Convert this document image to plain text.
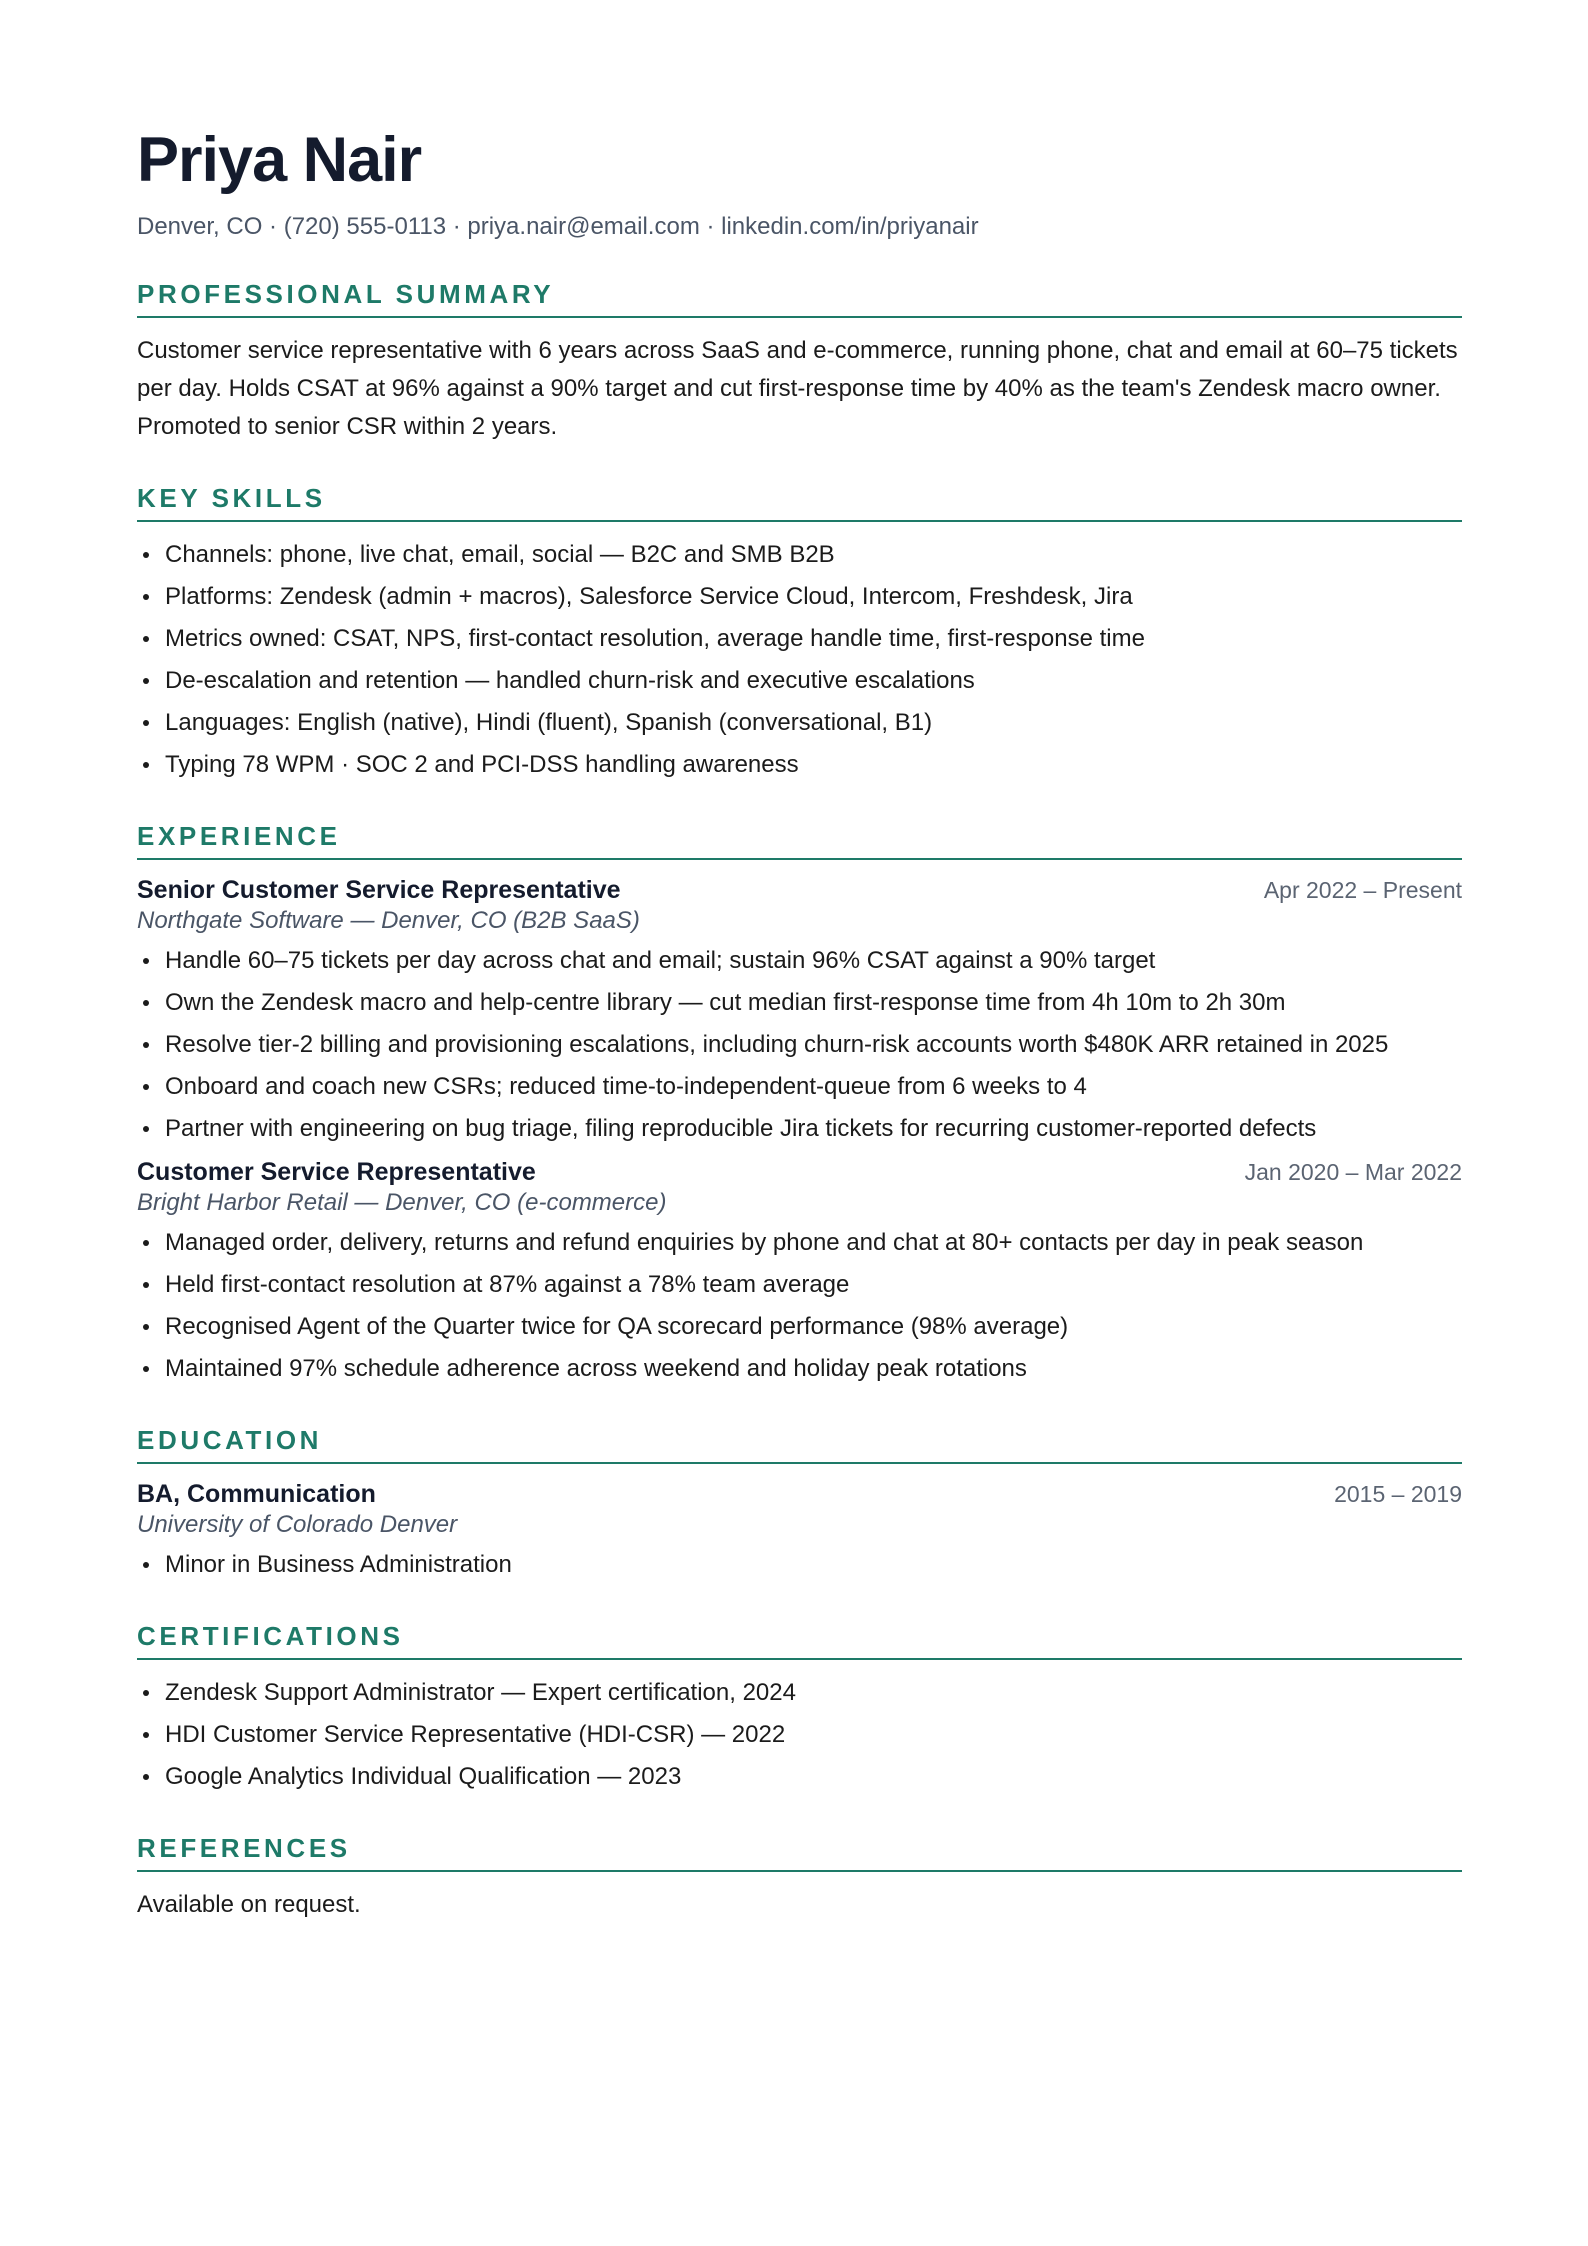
Priya Nair
Denver, CO · (720) 555-0113 · priya.nair@email.com · linkedin.com/in/priyanair
PROFESSIONAL SUMMARY

Customer service representative with 6 years across SaaS and e-commerce, running phone, chat and email at 60–75 tickets per day. Holds CSAT at 96% against a 90% target and cut first-response time by 40% as the team's Zendesk macro owner. Promoted to senior CSR within 2 years.

KEY SKILLS
Channels: phone, live chat, email, social — B2C and SMB B2B
Platforms: Zendesk (admin + macros), Salesforce Service Cloud, Intercom, Freshdesk, Jira
Metrics owned: CSAT, NPS, first-contact resolution, average handle time, first-response time
De-escalation and retention — handled churn-risk and executive escalations
Languages: English (native), Hindi (fluent), Spanish (conversational, B1)
Typing 78 WPM · SOC 2 and PCI-DSS handling awareness
EXPERIENCE
Senior Customer Service Representative	Apr 2022 – Present
Northgate Software — Denver, CO (B2B SaaS)
Handle 60–75 tickets per day across chat and email; sustain 96% CSAT against a 90% target
Own the Zendesk macro and help-centre library — cut median first-response time from 4h 10m to 2h 30m
Resolve tier-2 billing and provisioning escalations, including churn-risk accounts worth $480K ARR retained in 2025
Onboard and coach new CSRs; reduced time-to-independent-queue from 6 weeks to 4
Partner with engineering on bug triage, filing reproducible Jira tickets for recurring customer-reported defects
Customer Service Representative	Jan 2020 – Mar 2022
Bright Harbor Retail — Denver, CO (e-commerce)
Managed order, delivery, returns and refund enquiries by phone and chat at 80+ contacts per day in peak season
Held first-contact resolution at 87% against a 78% team average
Recognised Agent of the Quarter twice for QA scorecard performance (98% average)
Maintained 97% schedule adherence across weekend and holiday peak rotations
EDUCATION
BA, Communication	2015 – 2019
University of Colorado Denver
Minor in Business Administration
CERTIFICATIONS
Zendesk Support Administrator — Expert certification, 2024
HDI Customer Service Representative (HDI-CSR) — 2022
Google Analytics Individual Qualification — 2023
REFERENCES

Available on request.
